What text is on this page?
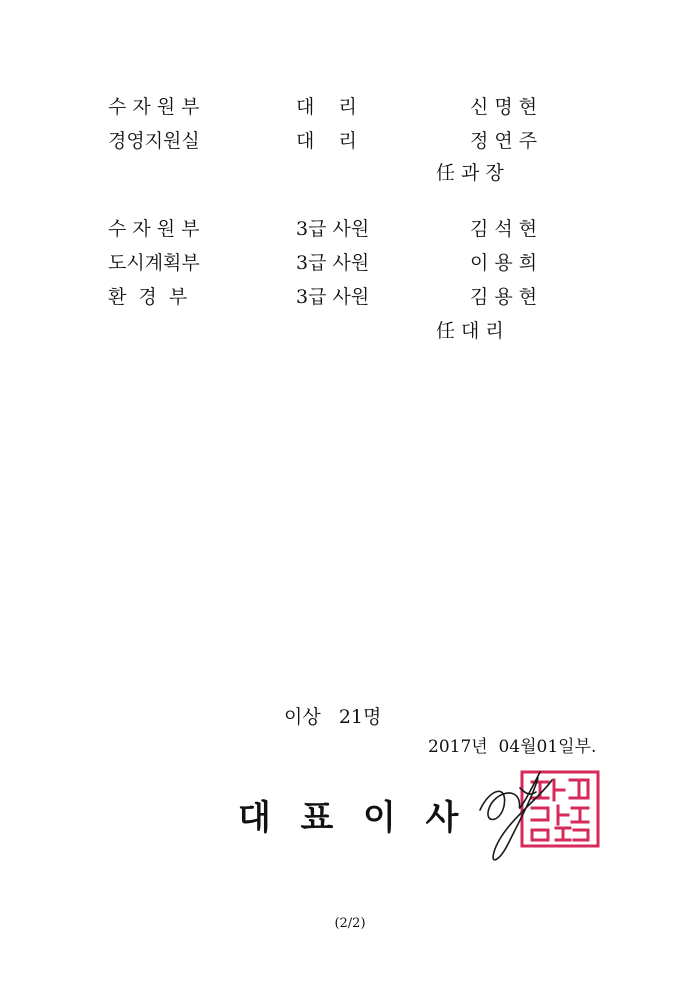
수 자 원 부	대    리	신 명 현
경영지원실	대    리	정 연 주
任 과 장
수 자 원 부	3급 사원	김 석 현
도시계획부	3급 사원	이 용 희
환  경  부	3급 사원	김 용 현
任 대 리
이상   21명
2017년  04월01일부.
대  표  이  사
(2/2)
